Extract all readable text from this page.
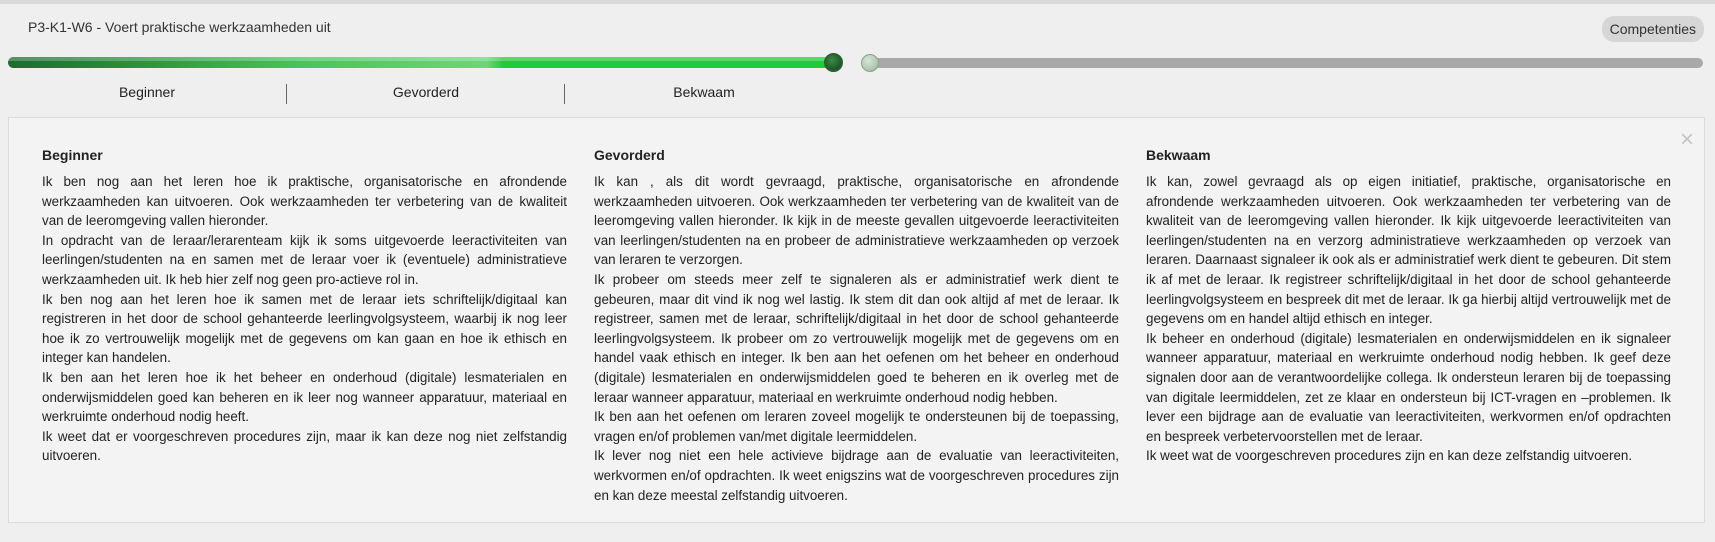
P3-K1-W6 - Voert praktische werkzaamheden uit	Competenties
Beginner	Gevorderd	Bekwaam
×
Beginner
Ik ben nog aan het leren hoe ik praktische, organisatorische en afrondende werkzaamheden kan uitvoeren. Ook werkzaamheden ter verbetering van de kwaliteit van de leeromgeving vallen hieronder.
In opdracht van de leraar/lerarenteam kijk ik soms uitgevoerde leeractiviteiten van leerlingen/studenten na en samen met de leraar voer ik (eventuele) administratieve werkzaamheden uit. Ik heb hier zelf nog geen pro-actieve rol in.
Ik ben nog aan het leren hoe ik samen met de leraar iets schriftelijk/digitaal kan registreren in het door de school gehanteerde leerlingvolgsysteem, waarbij ik nog leer hoe ik zo vertrouwelijk mogelijk met de gegevens om kan gaan en hoe ik ethisch en integer kan handelen.
Ik ben aan het leren hoe ik het beheer en onderhoud (digitale) lesmaterialen en onderwijsmiddelen goed kan beheren en ik leer nog wanneer apparatuur, materiaal en werkruimte onderhoud nodig heeft.
Ik weet dat er voorgeschreven procedures zijn, maar ik kan deze nog niet zelfstandig uitvoeren.
Gevorderd
Ik kan , als dit wordt gevraagd, praktische, organisatorische en afrondende werkzaamheden uitvoeren. Ook werkzaamheden ter verbetering van de kwaliteit van de leeromgeving vallen hieronder. Ik kijk in de meeste gevallen uitgevoerde leeractiviteiten van leerlingen/studenten na en probeer de administratieve werkzaamheden op verzoek van leraren te verzorgen.
Ik probeer om steeds meer zelf te signaleren als er administratief werk dient te gebeuren, maar dit vind ik nog wel lastig. Ik stem dit dan ook altijd af met de leraar. Ik registreer, samen met de leraar, schriftelijk/digitaal in het door de school gehanteerde leerlingvolgsysteem. Ik probeer om zo vertrouwelijk mogelijk met de gegevens om en handel vaak ethisch en integer. Ik ben aan het oefenen om het beheer en onderhoud (digitale) lesmaterialen en onderwijsmiddelen goed te beheren en ik overleg met de leraar wanneer apparatuur, materiaal en werkruimte onderhoud nodig hebben.
Ik ben aan het oefenen om leraren zoveel mogelijk te ondersteunen bij de toepassing, vragen en/of problemen van/met digitale leermiddelen.
Ik lever nog niet een hele activieve bijdrage aan de evaluatie van leeractiviteiten, werkvormen en/of opdrachten. Ik weet enigszins wat de voorgeschreven procedures zijn en kan deze meestal zelfstandig uitvoeren.
Bekwaam
Ik kan, zowel gevraagd als op eigen initiatief, praktische, organisatorische en afrondende werkzaamheden uitvoeren. Ook werkzaamheden ter verbetering van de kwaliteit van de leeromgeving vallen hieronder. Ik kijk uitgevoerde leeractiviteiten van leerlingen/studenten na en verzorg administratieve werkzaamheden op verzoek van leraren. Daarnaast signaleer ik ook als er administratief werk dient te gebeuren. Dit stem ik af met de leraar. Ik registreer schriftelijk/digitaal in het door de school gehanteerde leerlingvolgsysteem en bespreek dit met de leraar. Ik ga hierbij altijd vertrouwelijk met de gegevens om en handel altijd ethisch en integer.
Ik beheer en onderhoud (digitale) lesmaterialen en onderwijsmiddelen en ik signaleer wanneer apparatuur, materiaal en werkruimte onderhoud nodig hebben. Ik geef deze signalen door aan de verantwoordelijke collega. Ik ondersteun leraren bij de toepassing van digitale leermiddelen, zet ze klaar en ondersteun bij ICT-vragen en –problemen. Ik lever een bijdrage aan de evaluatie van leeractiviteiten, werkvormen en/of opdrachten en bespreek verbetervoorstellen met de leraar.
Ik weet wat de voorgeschreven procedures zijn en kan deze zelfstandig uitvoeren.
